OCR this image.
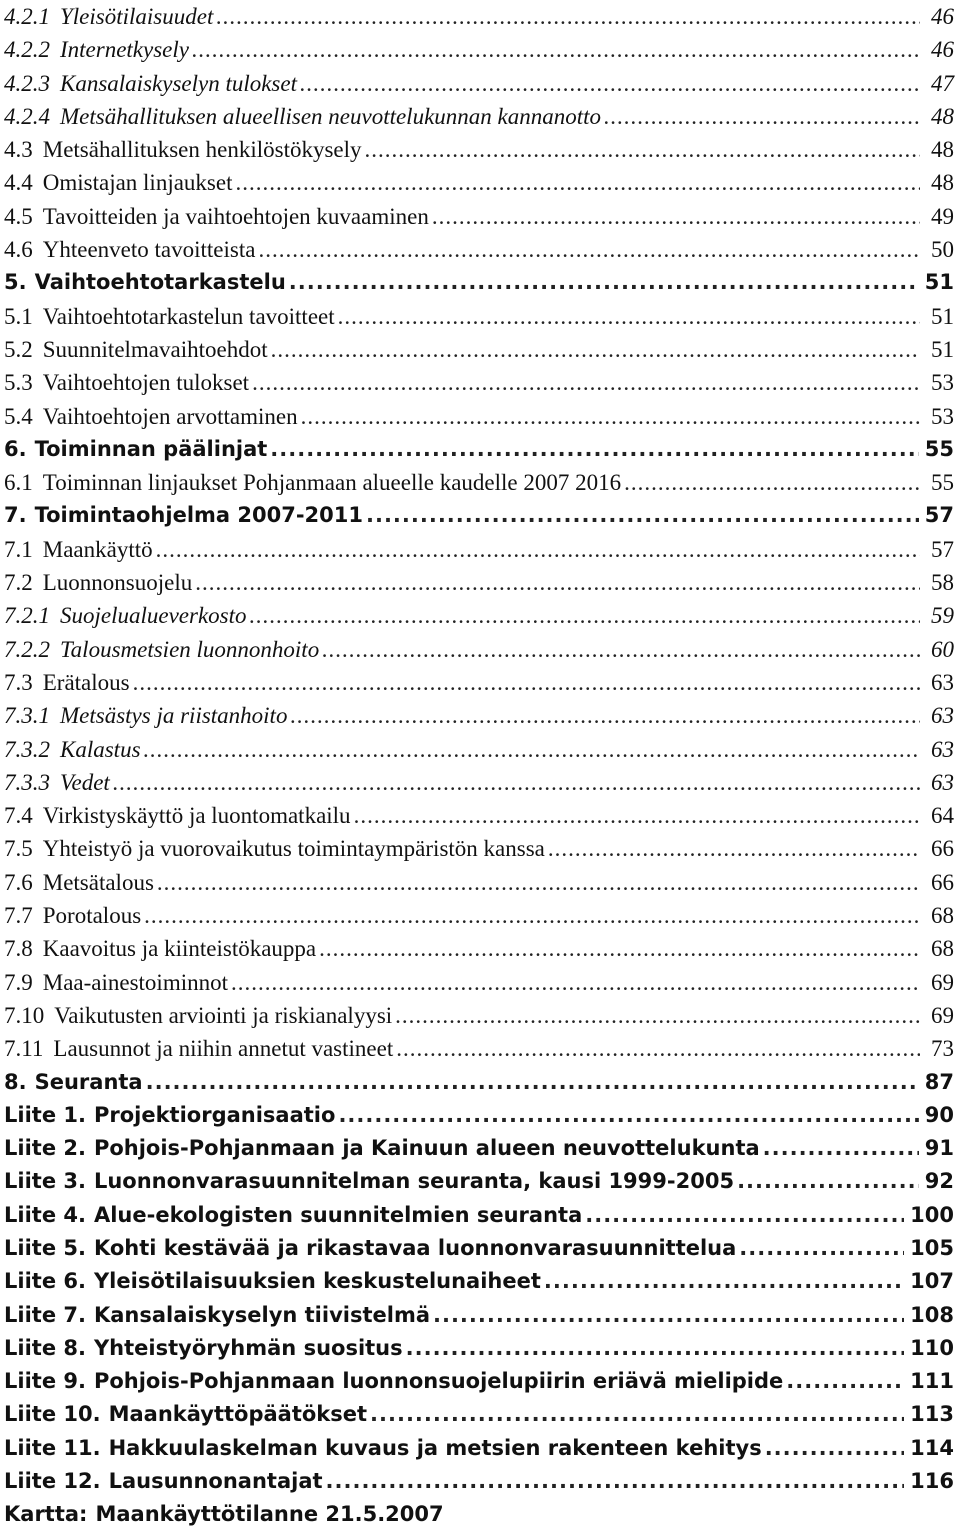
4.2.1 Yleisötilaisuudet .....	46
4.2.2 Internetkysely .....	46
4.2.3 Kansalaiskyselyn tulokset .....	47
4.2.4 Metsähallituksen alueellisen neuvottelukunnan kannanotto .....	48
4.3 Metsähallituksen henkilöstökysely .....	48
4.4 Omistajan linjaukset .....	48
4.5 Tavoitteiden ja vaihtoehtojen kuvaaminen .....	49
4.6 Yhteenveto tavoitteista .....	50
5. Vaihtoehtotarkastelu .....	51
5.1 Vaihtoehtotarkastelun tavoitteet .....	51
5.2 Suunnitelmavaihtoehdot .....	51
5.3 Vaihtoehtojen tulokset .....	53
5.4 Vaihtoehtojen arvottaminen .....	53
6. Toiminnan päälinjat .....	55
6.1 Toiminnan linjaukset Pohjanmaan alueelle kaudelle 2007 2016 .....	55
7. Toimintaohjelma 2007-2011 .....	57
7.1 Maankäyttö .....	57
7.2 Luonnonsuojelu .....	58
7.2.1 Suojelualueverkosto .....	59
7.2.2 Talousmetsien luonnonhoito .....	60
7.3 Erätalous .....	63
7.3.1 Metsästys ja riistanhoito .....	63
7.3.2 Kalastus .....	63
7.3.3 Vedet .....	63
7.4 Virkistyskäyttö ja luontomatkailu .....	64
7.5 Yhteistyö ja vuorovaikutus toimintaympäristön kanssa .....	66
7.6 Metsätalous .....	66
7.7 Porotalous .....	68
7.8 Kaavoitus ja kiinteistökauppa .....	68
7.9 Maa-ainestoiminnot .....	69
7.10 Vaikutusten arviointi ja riskianalyysi .....	69
7.11 Lausunnot ja niihin annetut vastineet .....	73
8. Seuranta .....	87
Liite 1. Projektiorganisaatio .....	90
Liite 2. Pohjois-Pohjanmaan ja Kainuun alueen neuvottelukunta .....	91
Liite 3. Luonnonvarasuunnitelman seuranta, kausi 1999-2005 .....	92
Liite 4. Alue-ekologisten suunnitelmien seuranta .....	100
Liite 5. Kohti kestävää ja rikastavaa luonnonvarasuunnittelua .....	105
Liite 6. Yleisötilaisuuksien keskustelunaiheet .....	107
Liite 7. Kansalaiskyselyn tiivistelmä .....	108
Liite 8. Yhteistyöryhmän suositus .....	110
Liite 9. Pohjois-Pohjanmaan luonnonsuojelupiirin eriävä mielipide .....	111
Liite 10. Maankäyttöpäätökset .....	113
Liite 11. Hakkuulaskelman kuvaus ja metsien rakenteen kehitys .....	114
Liite 12. Lausunnonantajat .....	116
Kartta: Maankäyttötilanne 21.5.2007
